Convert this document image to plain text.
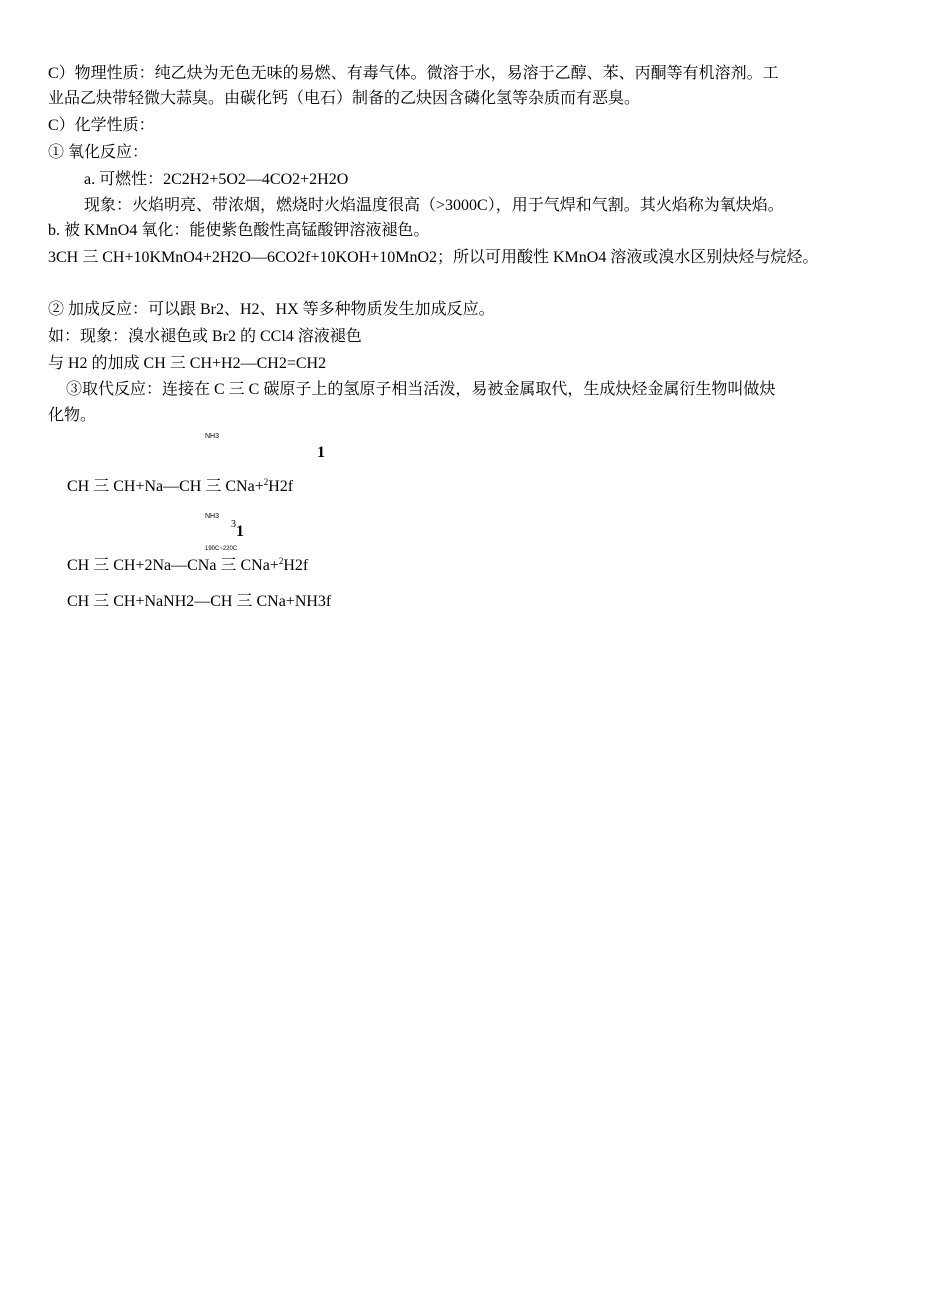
C）物理性质：纯乙炔为无色无味的易燃、有毒气体。微溶于水，易溶于乙醇、苯、丙酮等有机溶剂。工
业品乙炔带轻微大蒜臭。由碳化钙（电石）制备的乙炔因含磷化氢等杂质而有恶臭。
C）化学性质：
① 氧化反应：
a. 可燃性：2C2H2+5O2—4CO2+2H2O
现象：火焰明亮、带浓烟，燃烧时火焰温度很高（>3000C），用于气焊和气割。其火焰称为氧炔焰。
b. 被 KMnO4 氧化：能使紫色酸性高锰酸钾溶液褪色。
3CH 三 CH+10KMnO4+2H2O—6CO2f+10KOH+10MnO2；所以可用酸性 KMnO4 溶液或溴水区别炔烃与烷烃。
② 加成反应：可以跟 Br2、H2、HX 等多种物质发生加成反应。
如：现象：溴水褪色或 Br2 的 CCl4 溶液褪色
与 H2 的加成 CH 三 CH+H2—CH2=CH2
③取代反应：连接在 C 三 C 碳原子上的氢原子相当活泼，易被金属取代，生成炔烃金属衍生物叫做炔
化物。
NH3
1
CH 三 CH+Na—CH 三 CNa+$^2$H2f
NH3
3 1
190C~220C
CH 三 CH+2Na—CNa 三 CNa+$^2$H2f
CH 三 CH+NaNH2—CH 三 CNa+NH3f
